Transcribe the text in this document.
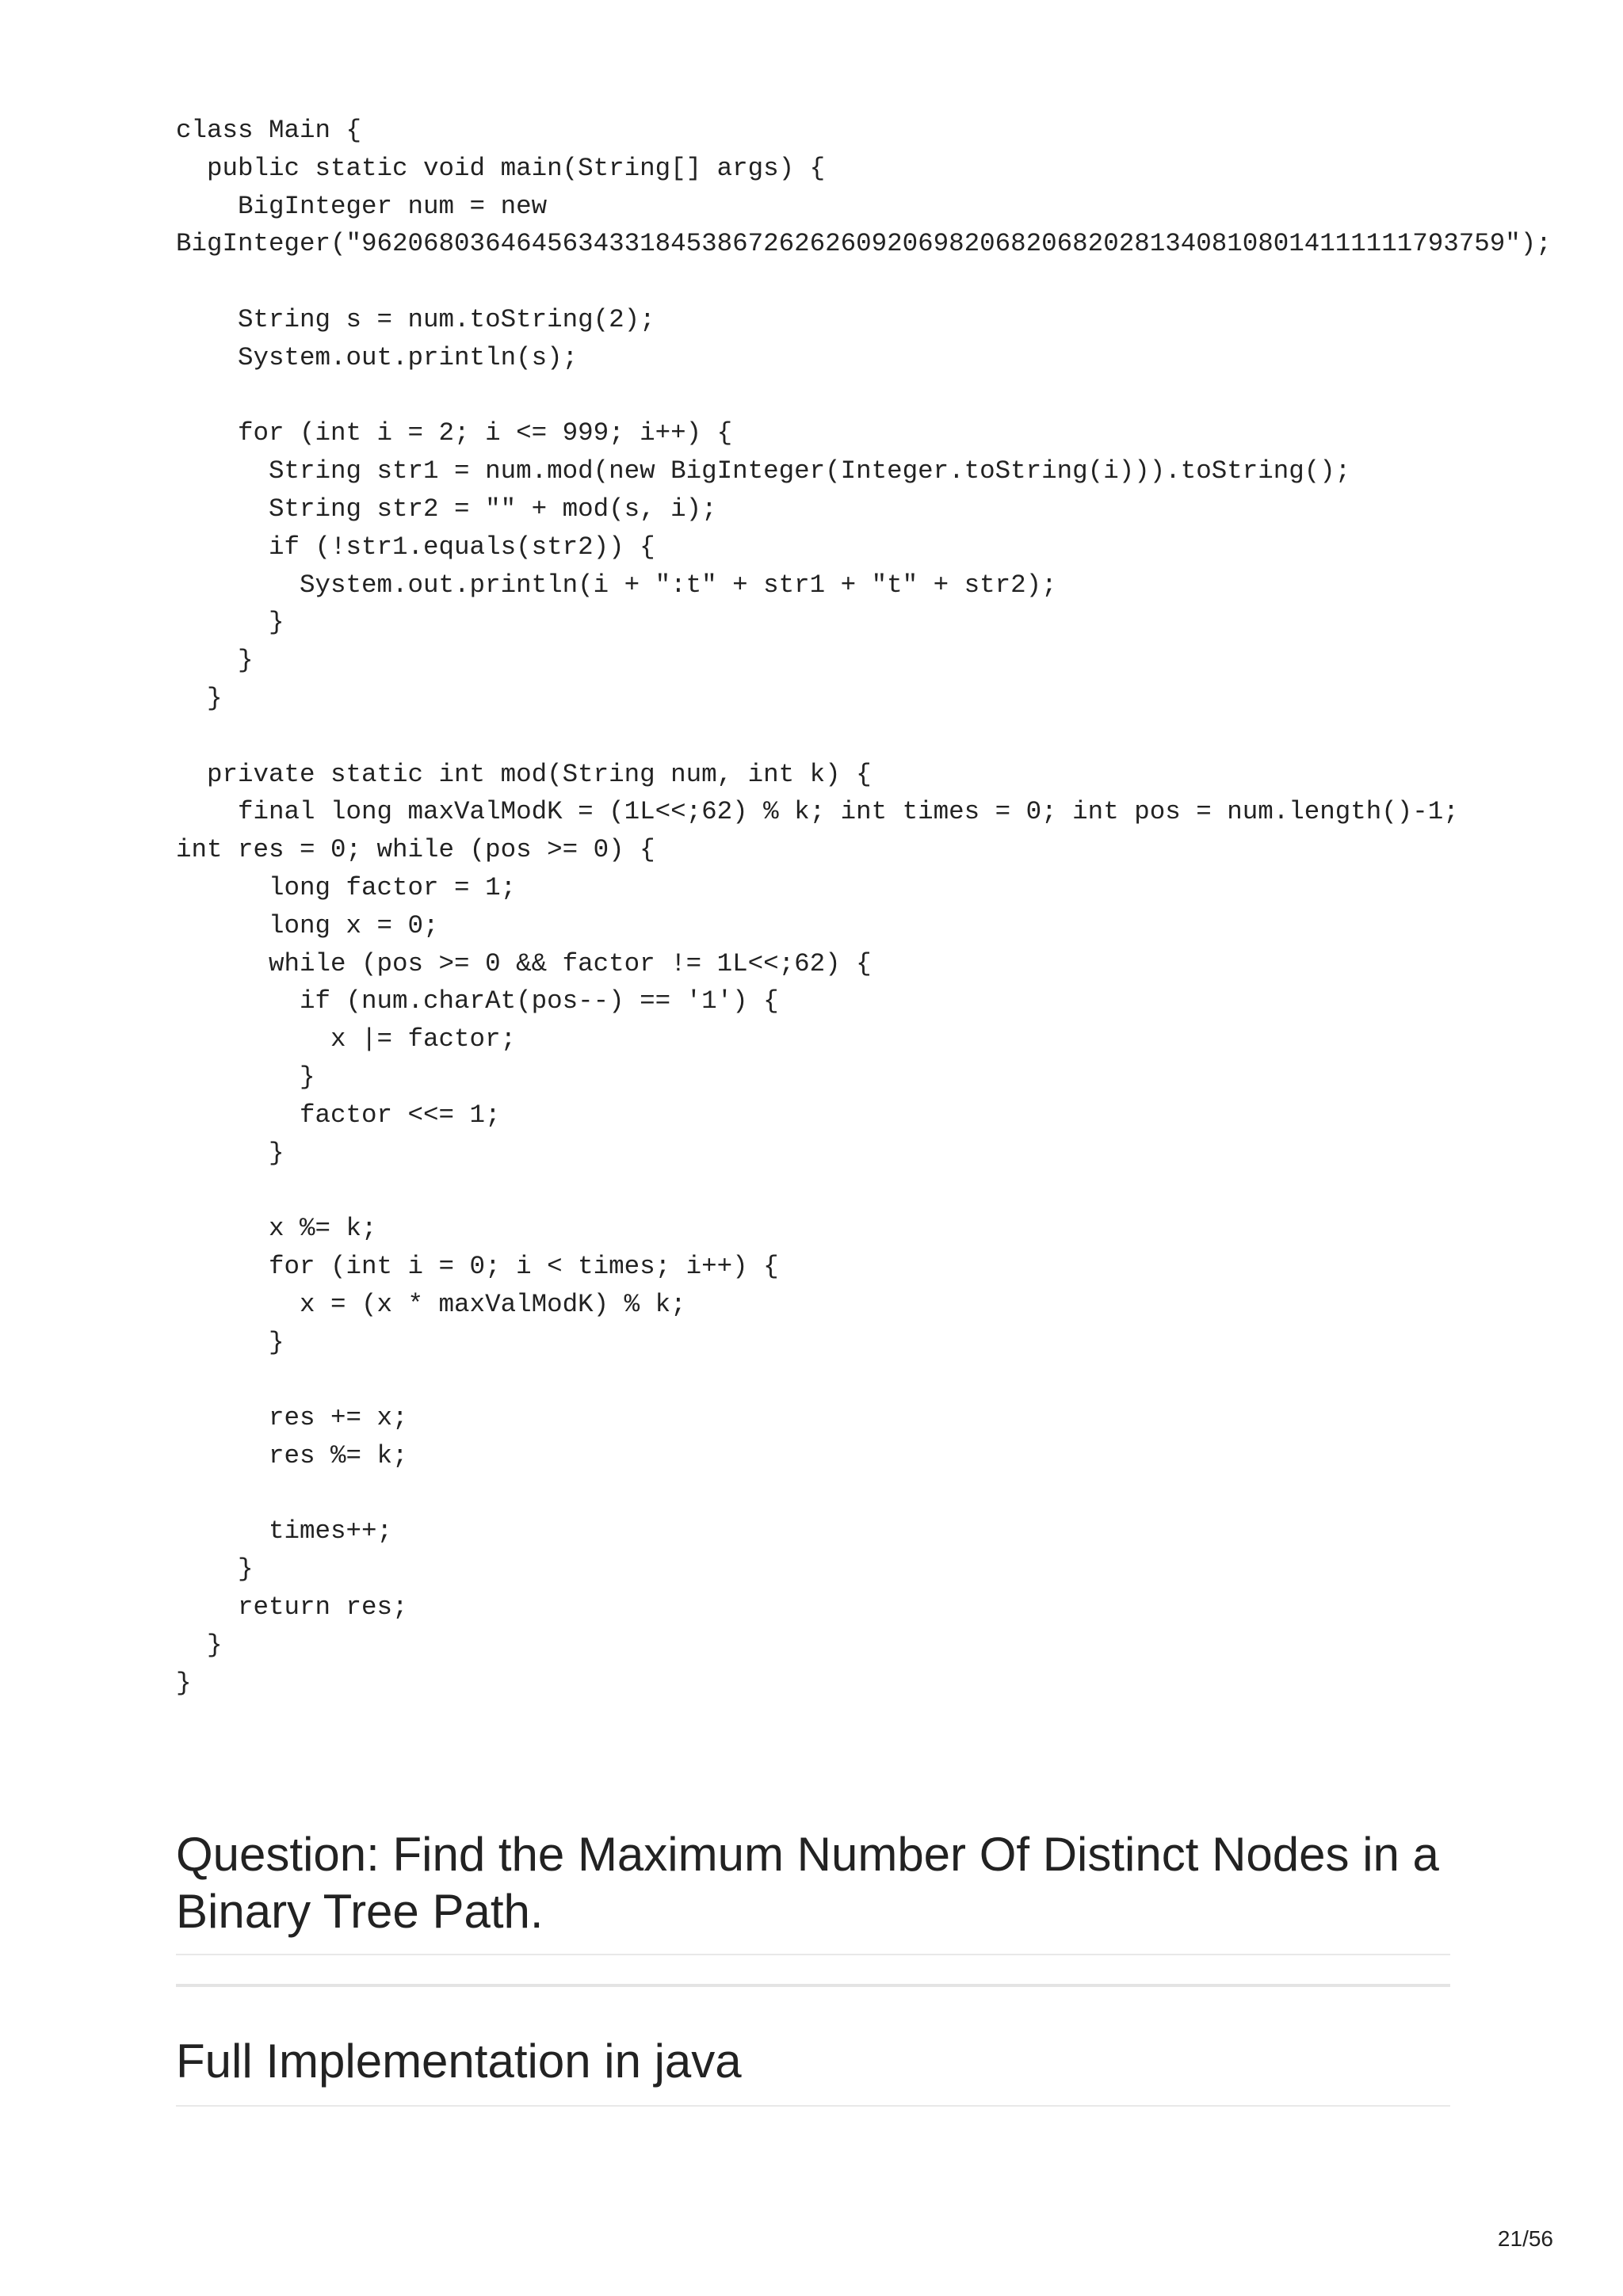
class Main {
public static void main(String[] args) {
BigInteger num = new
BigInteger("96206803646456343318453867262626092069820682068202813408108014111111793759");

String s = num.toString(2);
System.out.println(s);

for (int i = 2; i <= 999; i++) {
String str1 = num.mod(new BigInteger(Integer.toString(i))).toString();
String str2 = "" + mod(s, i);
if (!str1.equals(str2)) {
System.out.println(i + ":t" + str1 + "t" + str2);
}
}
}

private static int mod(String num, int k) {
final long maxValModK = (1L<<;62) % k; int times = 0; int pos = num.length()-1;
int res = 0; while (pos >= 0) {
long factor = 1;
long x = 0;
while (pos >= 0 && factor != 1L<<;62) {
if (num.charAt(pos--) == '1') {
x |= factor;
}
factor <<= 1;
}

x %= k;
for (int i = 0; i < times; i++) {
x = (x * maxValModK) % k;
}

res += x;
res %= k;

times++;
}
return res;
}
}
Question: Find the Maximum Number Of Distinct Nodes in a Binary Tree Path.
Full Implementation in java
21/56
